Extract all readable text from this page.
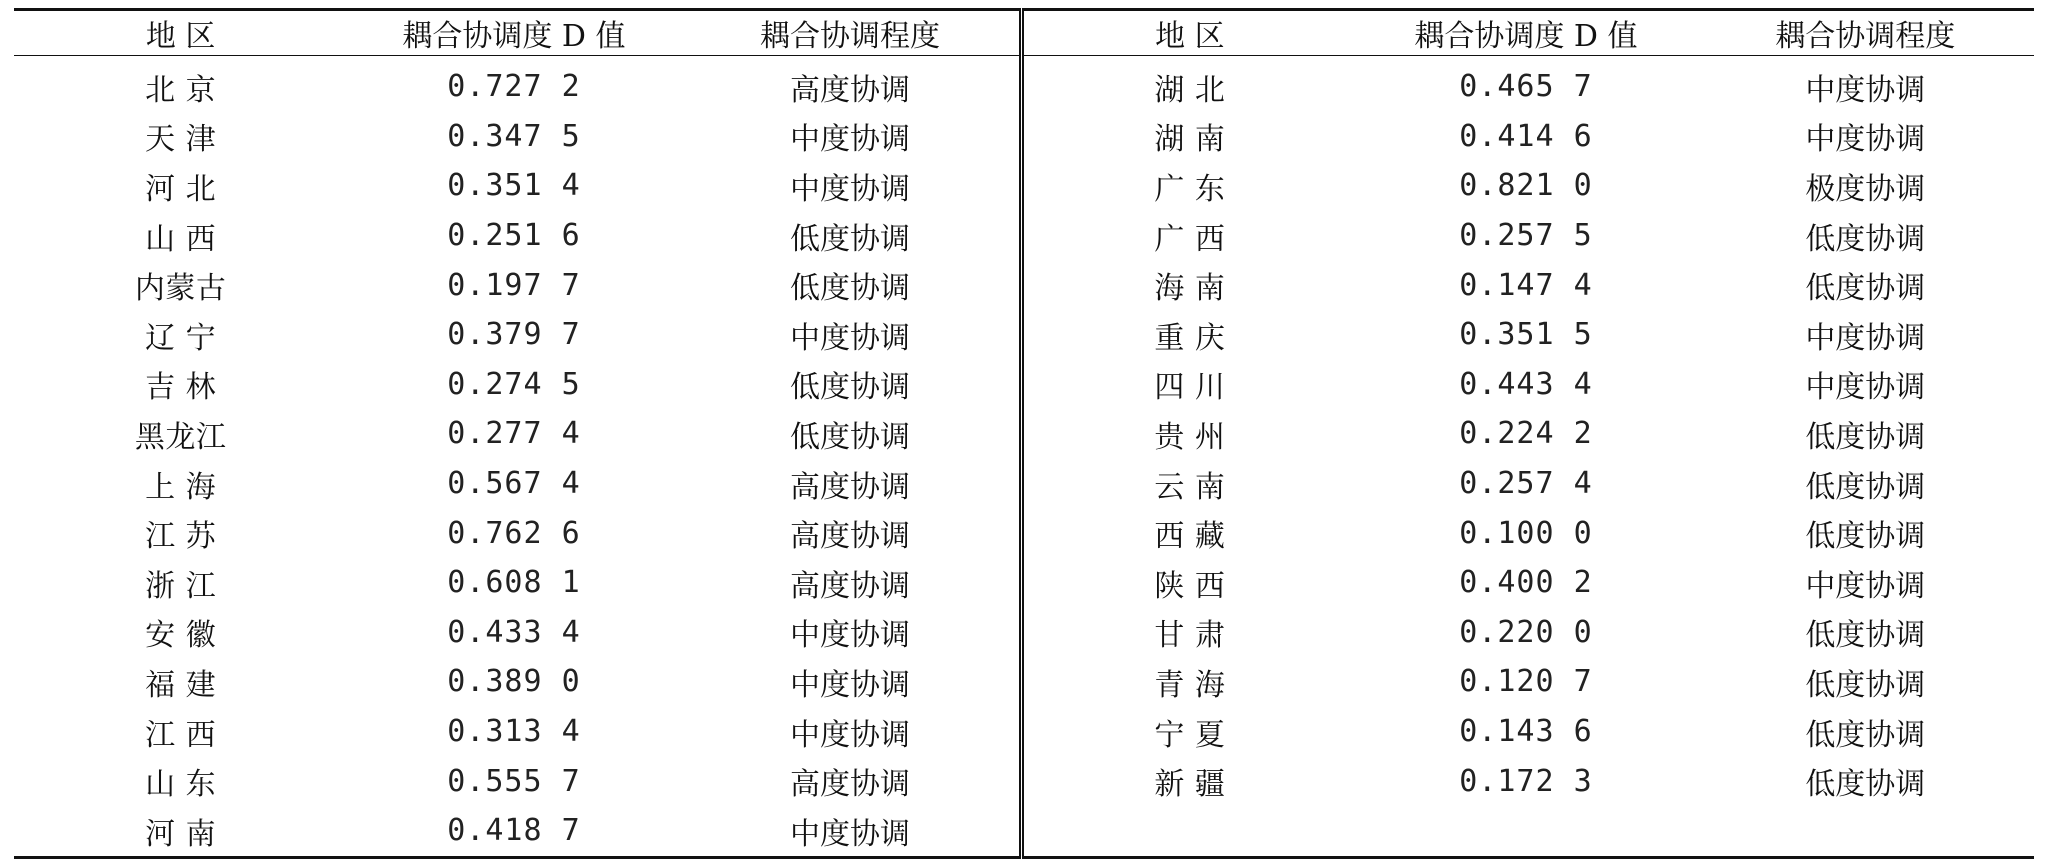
地 区	耦合协调度 D 值	耦合协调程度	地 区	耦合协调度 D 值	耦合协调程度
北 京	0.727 2	高度协调	湖 北	0.465 7	中度协调
天 津	0.347 5	中度协调	湖 南	0.414 6	中度协调
河 北	0.351 4	中度协调	广 东	0.821 0	极度协调
山 西	0.251 6	低度协调	广 西	0.257 5	低度协调
内蒙古	0.197 7	低度协调	海 南	0.147 4	低度协调
辽 宁	0.379 7	中度协调	重 庆	0.351 5	中度协调
吉 林	0.274 5	低度协调	四 川	0.443 4	中度协调
黑龙江	0.277 4	低度协调	贵 州	0.224 2	低度协调
上 海	0.567 4	高度协调	云 南	0.257 4	低度协调
江 苏	0.762 6	高度协调	西 藏	0.100 0	低度协调
浙 江	0.608 1	高度协调	陕 西	0.400 2	中度协调
安 徽	0.433 4	中度协调	甘 肃	0.220 0	低度协调
福 建	0.389 0	中度协调	青 海	0.120 7	低度协调
江 西	0.313 4	中度协调	宁 夏	0.143 6	低度协调
山 东	0.555 7	高度协调	新 疆	0.172 3	低度协调
河 南	0.418 7	中度协调			
